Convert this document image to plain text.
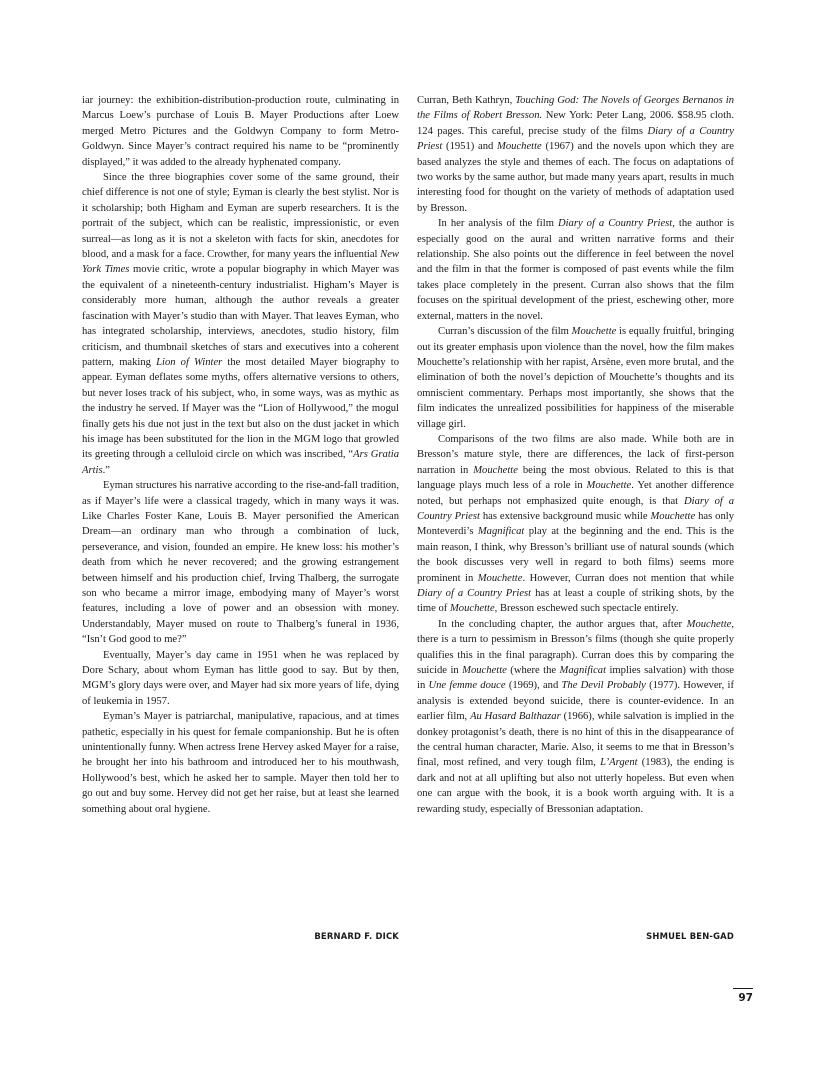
iar journey: the exhibition-distribution-production route, culminating in Marcus Loew’s purchase of Louis B. Mayer Productions after Loew merged Metro Pictures and the Goldwyn Company to form Metro-Goldwyn. Since Mayer’s contract required his name to be “prominently displayed,” it was added to the already hyphenated company.

Since the three biographies cover some of the same ground, their chief difference is not one of style; Eyman is clearly the best stylist. Nor is it scholarship; both Higham and Eyman are superb researchers. It is the portrait of the subject, which can be realistic, impressionistic, or even surreal—as long as it is not a skeleton with facts for skin, anecdotes for blood, and a mask for a face. Crowther, for many years the influential New York Times movie critic, wrote a popular biography in which Mayer was the equivalent of a nineteenth-century industrialist. Higham’s Mayer is considerably more human, although the author reveals a greater fascination with Mayer’s studio than with Mayer. That leaves Eyman, who has integrated scholarship, interviews, anecdotes, studio history, film criticism, and thumbnail sketches of stars and executives into a coherent pattern, making Lion of Winter the most detailed Mayer biography to appear. Eyman deflates some myths, offers alternative versions to others, but never loses track of his subject, who, in some ways, was as mythic as the industry he served. If Mayer was the “Lion of Hollywood,” the mogul finally gets his due not just in the text but also on the dust jacket in which his image has been substituted for the lion in the MGM logo that growled its greeting through a celluloid circle on which was inscribed, “Ars Gratia Artis.”

Eyman structures his narrative according to the rise-and-fall tradition, as if Mayer’s life were a classical tragedy, which in many ways it was. Like Charles Foster Kane, Louis B. Mayer personified the American Dream—an ordinary man who through a combination of luck, perseverance, and vision, founded an empire. He knew loss: his mother’s death from which he never recovered; and the growing estrangement between himself and his production chief, Irving Thalberg, the surrogate son who became a mirror image, embodying many of Mayer’s worst features, including a love of power and an obsession with money. Understandably, Mayer mused on route to Thalberg’s funeral in 1936, “Isn’t God good to me?”

Eventually, Mayer’s day came in 1951 when he was replaced by Dore Schary, about whom Eyman has little good to say. But by then, MGM’s glory days were over, and Mayer had six more years of life, dying of leukemia in 1957.

Eyman’s Mayer is patriarchal, manipulative, rapacious, and at times pathetic, especially in his quest for female companionship. But he is often unintentionally funny. When actress Irene Hervey asked Mayer for a raise, he brought her into his bathroom and introduced her to his mouthwash, Hollywood’s best, which he asked her to sample. Mayer then told her to go out and buy some. Hervey did not get her raise, but at least she learned something about oral hygiene.

BERNARD F. DICK

Curran, Beth Kathryn, Touching God: The Novels of Georges Bernanos in the Films of Robert Bresson. New York: Peter Lang, 2006. $58.95 cloth. 124 pages. This careful, precise study of the films Diary of a Country Priest (1951) and Mouchette (1967) and the novels upon which they are based analyzes the style and themes of each. The focus on adaptations of two works by the same author, but made many years apart, results in much interesting food for thought on the variety of methods of adaptation used by Bresson.

In her analysis of the film Diary of a Country Priest, the author is especially good on the aural and written narrative forms and their relationship. She also points out the difference in feel between the novel and the film in that the former is composed of past events while the film takes place completely in the present. Curran also shows that the film focuses on the spiritual development of the priest, eschewing other, more external, matters in the novel.

Curran’s discussion of the film Mouchette is equally fruitful, bringing out its greater emphasis upon violence than the novel, how the film makes Mouchette’s relationship with her rapist, Arsène, even more brutal, and the elimination of both the novel’s depiction of Mouchette’s thoughts and its omniscient commentary. Perhaps most importantly, she shows that the film indicates the unrealized possibilities for happiness of the miserable village girl.

Comparisons of the two films are also made. While both are in Bresson’s mature style, there are differences, the lack of first-person narration in Mouchette being the most obvious. Related to this is that language plays much less of a role in Mouchette. Yet another difference noted, but perhaps not emphasized quite enough, is that Diary of a Country Priest has extensive background music while Mouchette has only Monteverdi’s Magnificat play at the beginning and the end. This is the main reason, I think, why Bresson’s brilliant use of natural sounds (which the book discusses very well in regard to both films) seems more prominent in Mouchette. However, Curran does not mention that while Diary of a Country Priest has at least a couple of striking shots, by the time of Mouchette, Bresson eschewed such spectacle entirely.

In the concluding chapter, the author argues that, after Mouchette, there is a turn to pessimism in Bresson’s films (though she quite properly qualifies this in the final paragraph). Curran does this by comparing the suicide in Mouchette (where the Magnificat implies salvation) with those in Une femme douce (1969), and The Devil Probably (1977). However, if analysis is extended beyond suicide, there is counter-evidence. In an earlier film, Au Hasard Balthazar (1966), while salvation is implied in the donkey protagonist’s death, there is no hint of this in the disappearance of the central human character, Marie. Also, it seems to me that in Bresson’s final, most refined, and very tough film, L’Argent (1983), the ending is dark and not at all uplifting but also not utterly hopeless. But even when one can argue with the book, it is a book worth arguing with. It is a rewarding study, especially of Bressonian adaptation.

SHMUEL BEN-GAD
97
